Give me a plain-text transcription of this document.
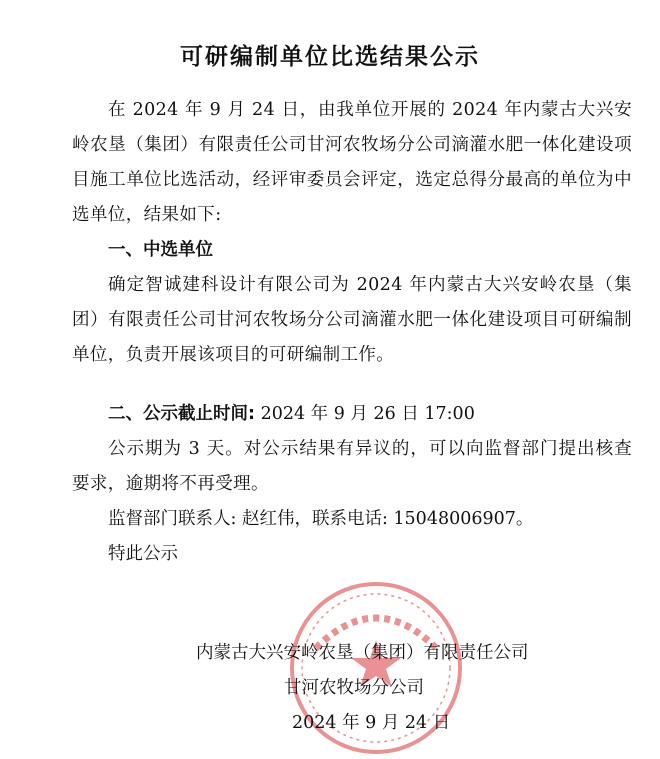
可研编制单位比选结果公示
在 2024 年 9 月 24 日，由我单位开展的 2024 年内蒙古大兴安岭农垦（集团）有限责任公司甘河农牧场分公司滴灌水肥一体化建设项目施工单位比选活动，经评审委员会评定，选定总得分最高的单位为中选单位，结果如下:
一、中选单位
确定智诚建科设计有限公司为 2024 年内蒙古大兴安岭农垦（集团）有限责任公司甘河农牧场分公司滴灌水肥一体化建设项目可研编制单位，负责开展该项目的可研编制工作。
二、公示截止时间: 2024 年 9 月 26 日 17:00
公示期为 3 天。对公示结果有异议的，可以向监督部门提出核查要求，逾期将不再受理。
监督部门联系人: 赵红伟，联系电话: 15048006907。
特此公示
内蒙古大兴安岭农垦（集团）有限责任公司
甘河农牧场分公司
2024 年 9 月 24 日
